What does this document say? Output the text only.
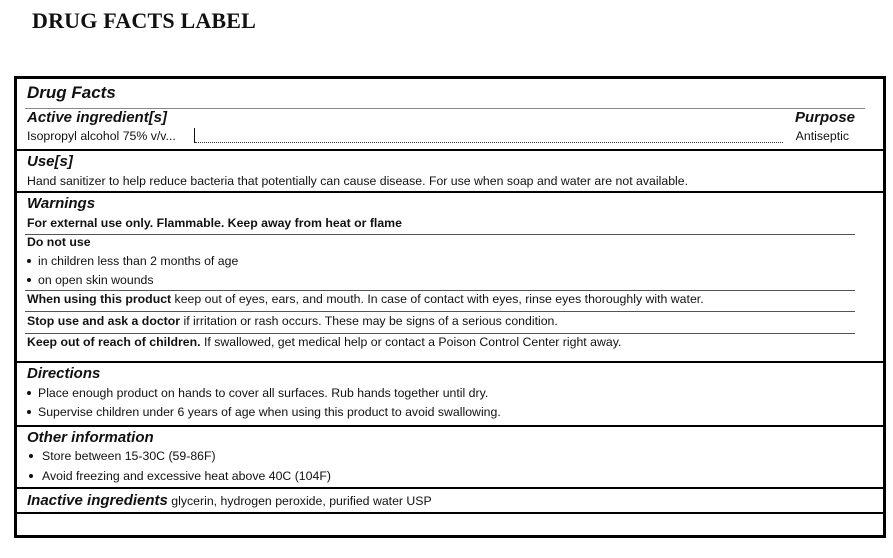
DRUG FACTS LABEL
Drug Facts
Active ingredient[s]	Purpose
Isopropyl alcohol 75% v/v...	Antiseptic
Use[s]
Hand sanitizer to help reduce bacteria that potentially can cause disease. For use when soap and water are not available.
Warnings
For external use only. Flammable. Keep away from heat or flame
Do not use
in children less than 2 months of age
on open skin wounds
When using this product keep out of eyes, ears, and mouth. In case of contact with eyes, rinse eyes thoroughly with water.
Stop use and ask a doctor if irritation or rash occurs. These may be signs of a serious condition.
Keep out of reach of children. If swallowed, get medical help or contact a Poison Control Center right away.
Directions
Place enough product on hands to cover all surfaces. Rub hands together until dry.
Supervise children under 6 years of age when using this product to avoid swallowing.
Other information
Store between 15-30C (59-86F)
Avoid freezing and excessive heat above 40C (104F)
Inactive ingredients glycerin, hydrogen peroxide, purified water USP
